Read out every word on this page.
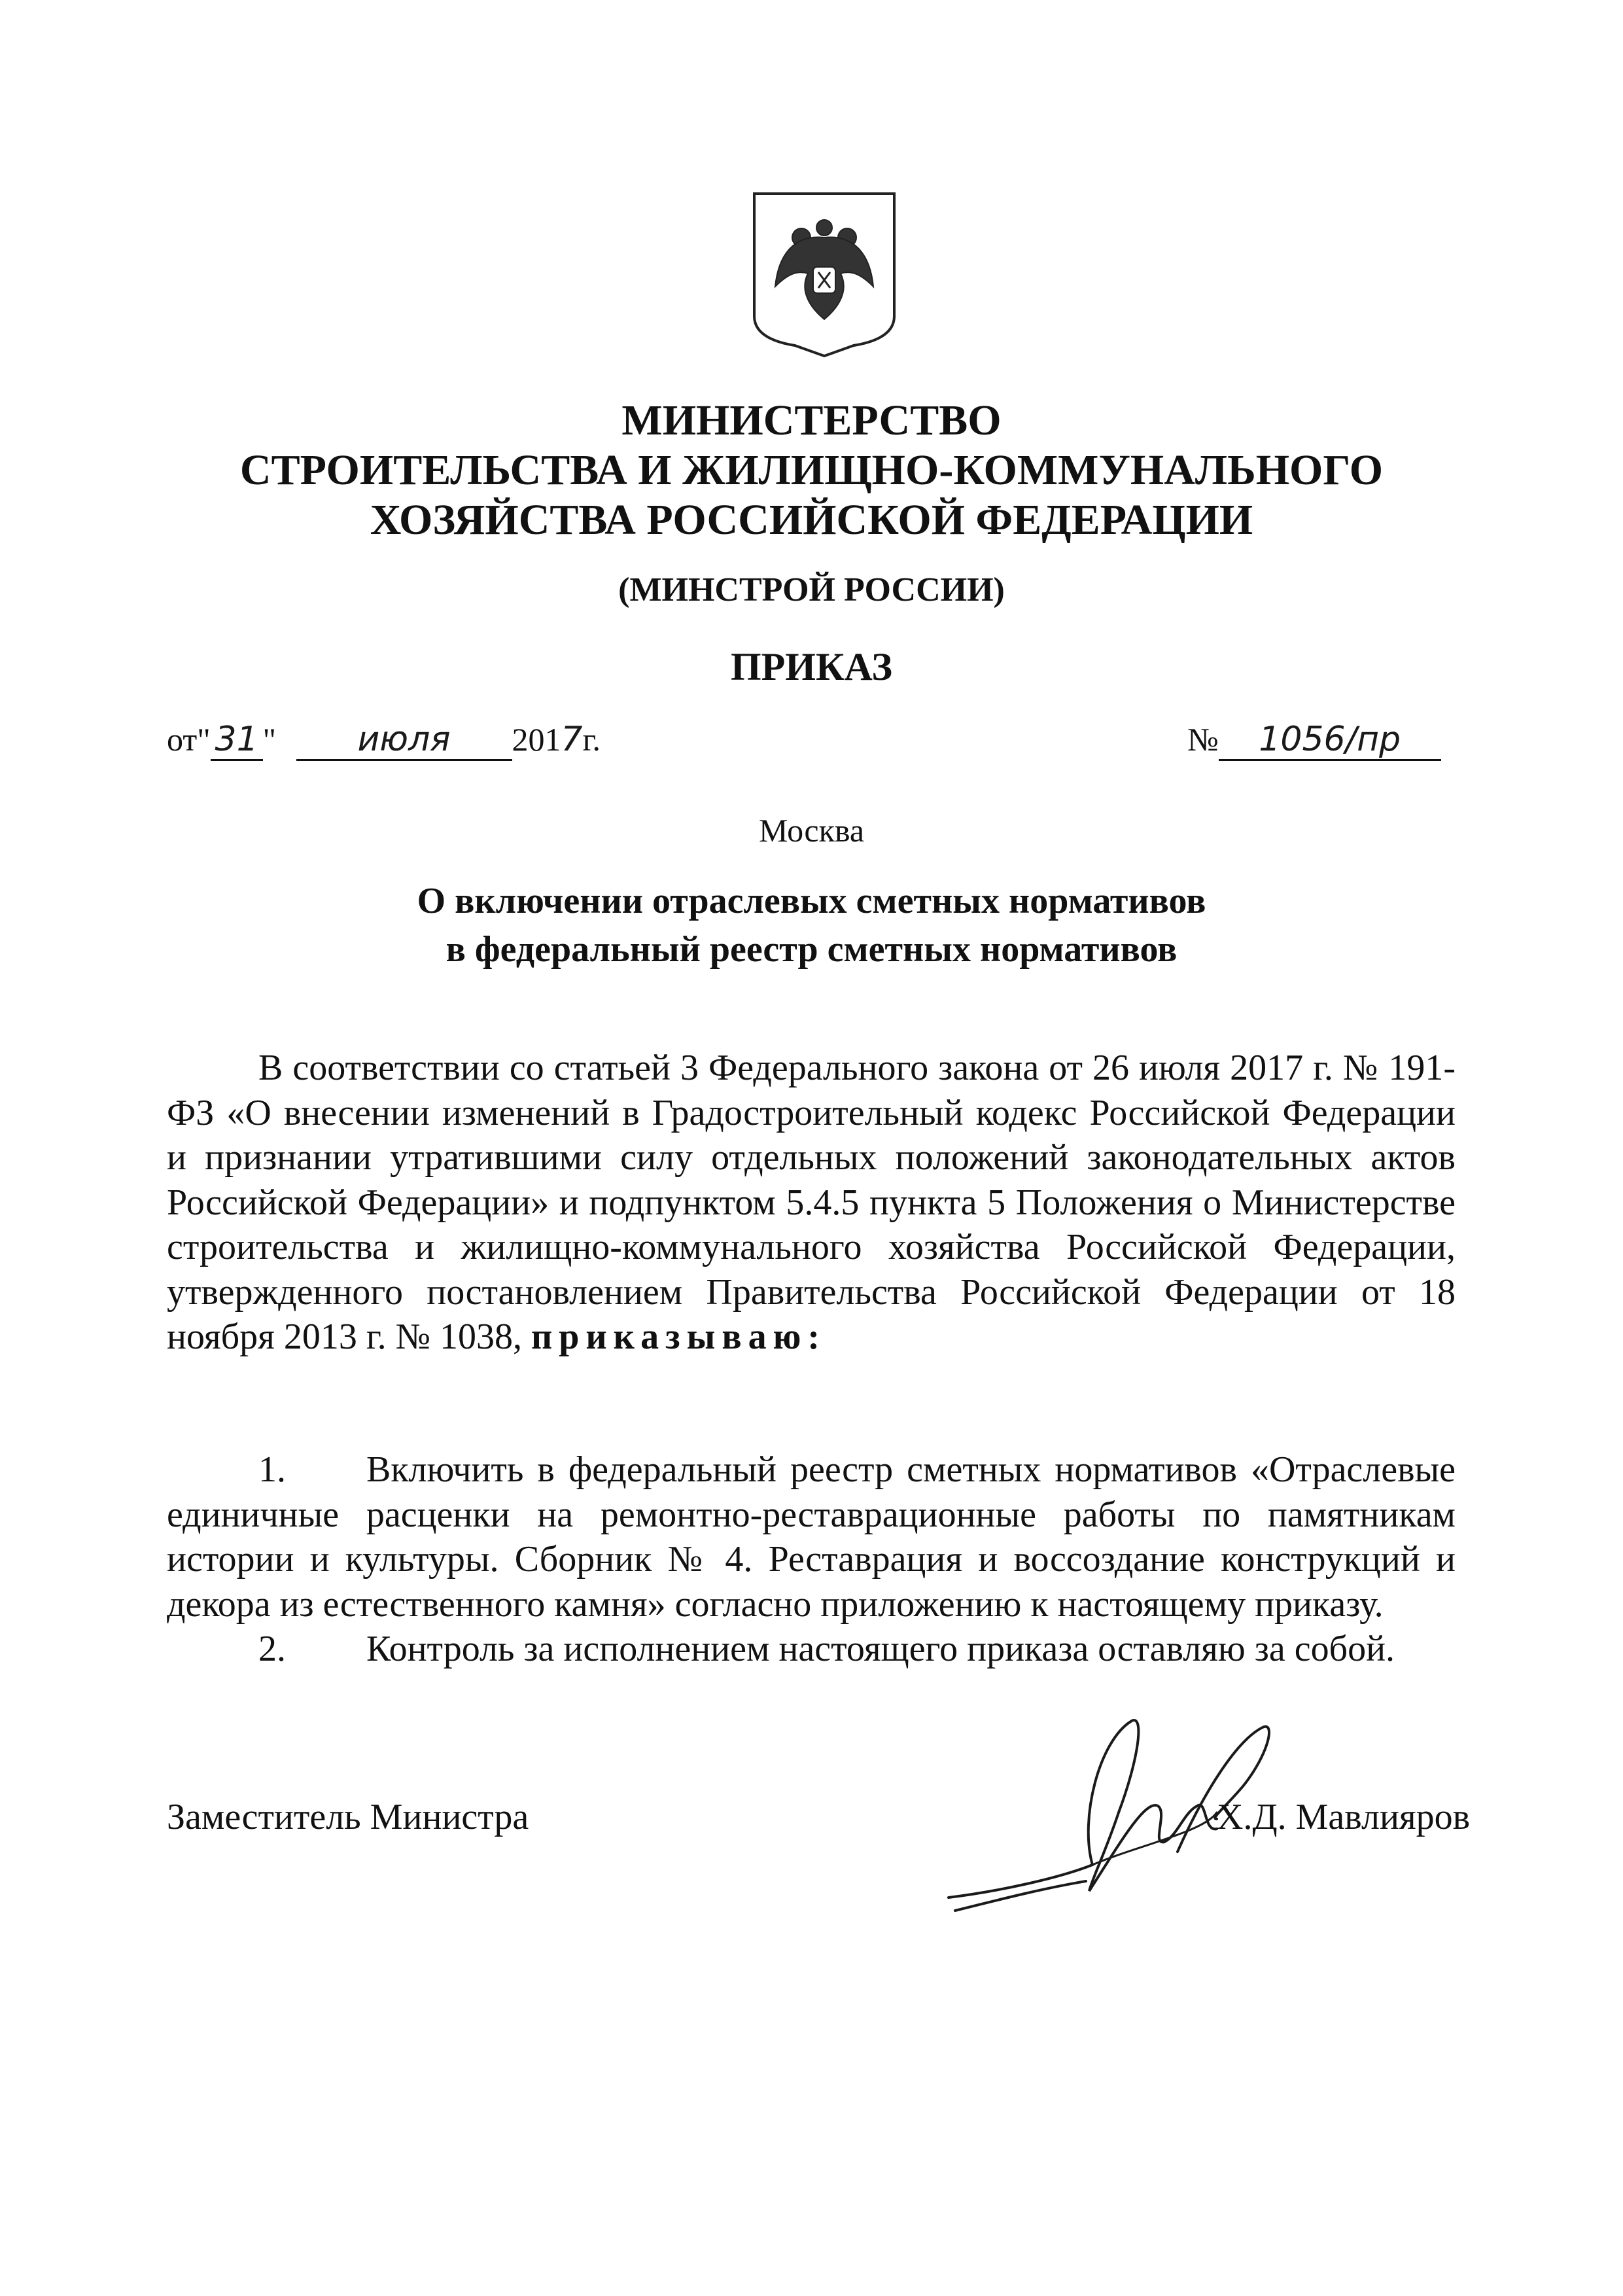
МИНИСТЕРСТВО
СТРОИТЕЛЬСТВА И ЖИЛИЩНО-КОММУНАЛЬНОГО
ХОЗЯЙСТВА РОССИЙСКОЙ ФЕДЕРАЦИИ
(МИНСТРОЙ РОССИИ)
ПРИКАЗ
от" 31 " июля 2017г.	№ 1056/пр
Москва
О включении отраслевых сметных нормативов
в федеральный реестр сметных нормативов
В соответствии со статьей 3 Федерального закона от 26 июля 2017 г. № 191-ФЗ «О внесении изменений в Градостроительный кодекс Российской Федерации и признании утратившими силу отдельных положений законодательных актов Российской Федерации» и подпунктом 5.4.5 пункта 5 Положения о Министерстве строительства и жилищно-коммунального хозяйства Российской Федерации, утвержденного постановлением Правительства Российской Федерации от 18 ноября 2013 г. № 1038, приказываю:
1. Включить в федеральный реестр сметных нормативов «Отраслевые единичные расценки на ремонтно-реставрационные работы по памятникам истории и культуры. Сборник № 4. Реставрация и воссоздание конструкций и декора из естественного камня» согласно приложению к настоящему приказу.
2. Контроль за исполнением настоящего приказа оставляю за собой.
Заместитель Министра	Х.Д. Мавлияров
